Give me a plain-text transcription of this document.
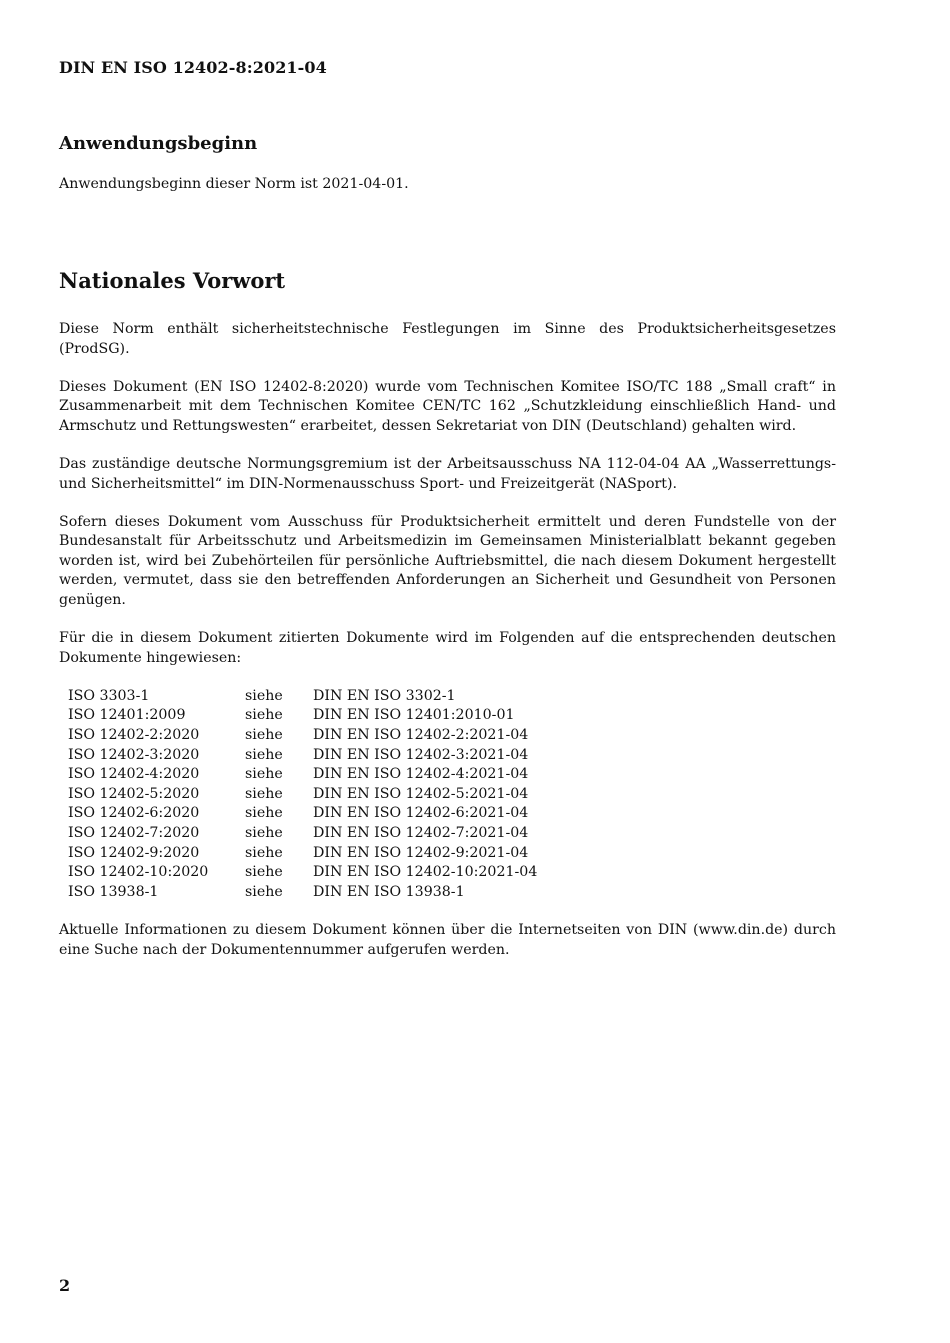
DIN EN ISO 12402-8:2021-04
Anwendungsbeginn
Anwendungsbeginn dieser Norm ist 2021-04-01.
Nationales Vorwort

Diese Norm enthält sicherheitstechnische Festlegungen im Sinne des Produktsicherheitsgesetzes (ProdSG).

Dieses Dokument (EN ISO 12402-8:2020) wurde vom Technischen Komitee ISO/TC 188 „Small craft“ in Zusammenarbeit mit dem Technischen Komitee CEN/TC 162 „Schutzkleidung einschließlich Hand- und Armschutz und Rettungswesten“ erarbeitet, dessen Sekretariat von DIN (Deutschland) gehalten wird.

Das zuständige deutsche Normungsgremium ist der Arbeitsausschuss NA 112-04-04 AA „Wasserrettungs- und Sicherheitsmittel“ im DIN-Normenausschuss Sport- und Freizeitgerät (NASport).

Sofern dieses Dokument vom Ausschuss für Produktsicherheit ermittelt und deren Fundstelle von der Bundesanstalt für Arbeitsschutz und Arbeitsmedizin im Gemeinsamen Ministerialblatt bekannt gegeben worden ist, wird bei Zubehörteilen für persönliche Auftriebsmittel, die nach diesem Dokument hergestellt werden, vermutet, dass sie den betreffenden Anforderungen an Sicherheit und Gesundheit von Personen genügen.

Für die in diesem Dokument zitierten Dokumente wird im Folgenden auf die entsprechenden deutschen Dokumente hingewiesen:

ISO 3303-1	siehe	DIN EN ISO 3302-1
ISO 12401:2009	siehe	DIN EN ISO 12401:2010-01
ISO 12402-2:2020	siehe	DIN EN ISO 12402-2:2021-04
ISO 12402-3:2020	siehe	DIN EN ISO 12402-3:2021-04
ISO 12402-4:2020	siehe	DIN EN ISO 12402-4:2021-04
ISO 12402-5:2020	siehe	DIN EN ISO 12402-5:2021-04
ISO 12402-6:2020	siehe	DIN EN ISO 12402-6:2021-04
ISO 12402-7:2020	siehe	DIN EN ISO 12402-7:2021-04
ISO 12402-9:2020	siehe	DIN EN ISO 12402-9:2021-04
ISO 12402-10:2020	siehe	DIN EN ISO 12402-10:2021-04
ISO 13938-1	siehe	DIN EN ISO 13938-1

Aktuelle Informationen zu diesem Dokument können über die Internetseiten von DIN (www.din.de) durch eine Suche nach der Dokumentennummer aufgerufen werden.

2
